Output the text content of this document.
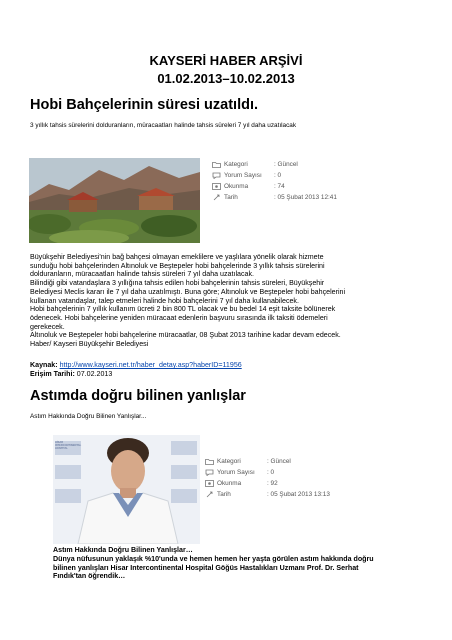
KAYSERİ HABER ARŞİVİ
01.02.2013–10.02.2013
Hobi Bahçelerinin süresi uzatıldı.
3 yıllık tahsis sürelerini dolduranların, müracaatları halinde tahsis süreleri 7 yıl daha uzatılacak
Kategori	: Güncel
Yorum Sayısı : 0
Okunma	: 74
Tarih	: 05 Şubat 2013 12:41
Büyükşehir Belediyesi'nin bağ bahçesi olmayan emeklilere ve yaşlılara yönelik olarak hizmete
sunduğu hobi bahçelerinden Altınoluk ve Beştepeler hobi bahçelerinde 3 yıllık tahsis sürelerini
dolduranların, müracaatları halinde tahsis süreleri 7 yıl daha uzatılacak.
Bilindiği gibi vatandaşlara 3 yıllığına tahsis edilen hobi bahçelerinin tahsis süreleri, Büyükşehir
Belediyesi Meclis kararı ile 7 yıl daha uzatılmıştı. Buna göre; Altınoluk ve Beştepeler hobi bahçelerini
kullanan vatandaşlar, talep etmeleri halinde hobi bahçelerini 7 yıl daha kullanabilecek.
Hobi bahçelerinin 7 yıllık kullanım ücreti 2 bin 800 TL olacak ve bu bedel 14 eşit taksite bölünerek
ödenecek. Hobi bahçelerine yeniden müracaat edenlerin başvuru sırasında ilk taksiti ödemeleri
gerekecek.
Altınoluk ve Beştepeler hobi bahçelerine müracaatlar, 08 Şubat 2013 tarihine kadar devam edecek.
Haber/ Kayseri Büyükşehir Belediyesi
Kaynak: http://www.kayseri.net.tr/haber_detay.asp?haberID=11956
Erişim Tarihi: 07.02.2013
Astımda doğru bilinen yanlışlar
Astım Hakkında Doğru Bilinen Yanlışlar...
HİSAR INTERCONTINENTAL HOSPITAL
Kategori	: Güncel
Yorum Sayısı : 0
Okunma	: 92
Tarih	: 05 Şubat 2013 13:13
Astım Hakkında Doğru Bilinen Yanlışlar…
Dünya nüfusunun yaklaşık %10'unda ve hemen hemen her yaşta görülen astım hakkında doğru
bilinen yanlışları Hisar Intercontinental Hospital Göğüs Hastalıkları Uzmanı Prof. Dr. Serhat
Fındık'tan öğrendik…
